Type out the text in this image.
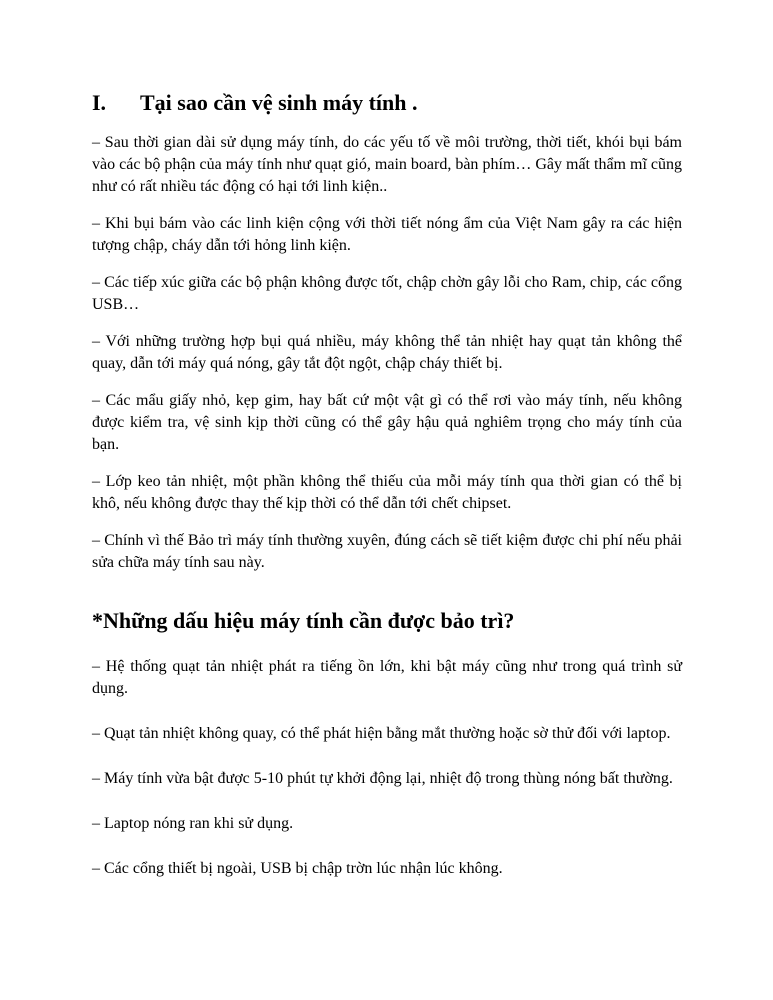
I.	Tại sao cần vệ sinh máy tính .

– Sau thời gian dài sử dụng máy tính, do các yếu tố về môi trường, thời tiết, khói bụi bám vào các bộ phận của máy tính như quạt gió, main board, bàn phím… Gây mất thẩm mĩ cũng như có rất nhiều tác động có hại tới linh kiện..

– Khi bụi bám vào các linh kiện cộng với thời tiết nóng ẩm của Việt Nam gây ra các hiện tượng chập, cháy dẫn tới hỏng linh kiện.

– Các tiếp xúc giữa các bộ phận không được tốt, chập chờn gây lỗi cho Ram, chip, các cổng USB…

– Với những trường hợp bụi quá nhiều, máy không thể tản nhiệt hay quạt tản không thể quay, dẫn tới máy quá nóng, gây tắt đột ngột, chập cháy thiết bị.

– Các mẩu giấy nhỏ, kẹp gim, hay bất cứ một vật gì có thể rơi vào máy tính, nếu không được kiểm tra, vệ sinh kịp thời cũng có thể gây hậu quả nghiêm trọng cho máy tính của bạn.

– Lớp keo tản nhiệt, một phần không thể thiếu của mỗi máy tính qua thời gian có thể bị khô, nếu không được thay thế kịp thời có thể dẫn tới chết chipset.

– Chính vì thế Bảo trì máy tính thường xuyên, đúng cách sẽ tiết kiệm được chi phí nếu phải sửa chữa máy tính sau này.

*Những dấu hiệu máy tính cần được bảo trì?

– Hệ thống quạt tản nhiệt phát ra tiếng ồn lớn, khi bật máy cũng như trong quá trình sử dụng.

– Quạt tản nhiệt không quay, có thể phát hiện bằng mắt thường hoặc sờ thử đối với laptop.

– Máy tính vừa bật được 5-10 phút tự khởi động lại, nhiệt độ trong thùng nóng bất thường.

– Laptop nóng ran khi sử dụng.

– Các cổng thiết bị ngoài, USB bị chập trờn lúc nhận lúc không.
